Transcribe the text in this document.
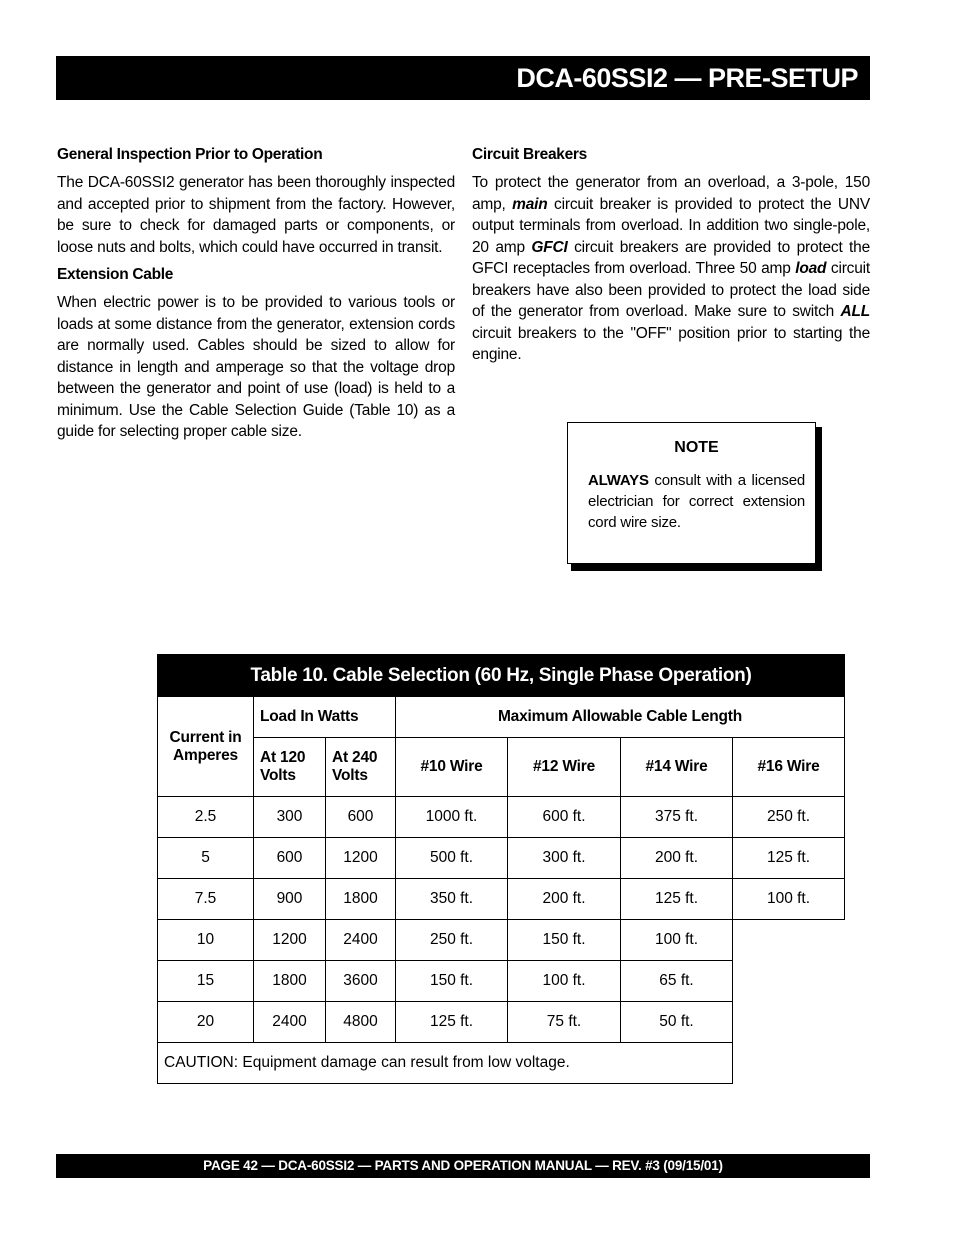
DCA-60SSI2 — PRE-SETUP
General Inspection Prior to Operation

The DCA-60SSI2 generator has been thoroughly inspected and accepted prior to shipment from the factory. However, be sure to check for damaged parts or components, or loose nuts and bolts, which could have occurred in transit.

Extension Cable

When electric power is to be provided to various tools or loads at some distance from the generator, extension cords are normally used. Cables should be sized to allow for distance in length and amperage so that the voltage drop between the generator and point of use (load) is held to a minimum. Use the Cable Selection Guide (Table 10) as a guide for selecting proper cable size.

Circuit Breakers

To protect the generator from an overload, a 3-pole, 150 amp, main circuit breaker is provided to protect the UNV output terminals from overload. In addition two single-pole, 20 amp GFCI circuit breakers are provided to protect the GFCI receptacles from overload. Three 50 amp load circuit breakers have also been provided to protect the load side of the generator from overload. Make sure to switch ALL circuit breakers to the "OFF" position prior to starting the engine.

NOTE

ALWAYS consult with a licensed electrician for correct extension cord wire size.

Table 10. Cable Selection (60 Hz, Single Phase Operation)						
Current in Amperes	Load In Watts		Maximum Allowable Cable Length			
	At 120 Volts	At 240 Volts	#10 Wire	#12 Wire	#14 Wire	#16 Wire
2.5	300	600	1000 ft.	600 ft.	375 ft.	250 ft.
5	600	1200	500 ft.	300 ft.	200 ft.	125 ft.
7.5	900	1800	350 ft.	200 ft.	125 ft.	100 ft.
10	1200	2400	250 ft.	150 ft.	100 ft.	
15	1800	3600	150 ft.	100 ft.	65 ft.	
20	2400	4800	125 ft.	75 ft.	50 ft.	
CAUTION: Equipment damage can result from low voltage.						
PAGE 42 — DCA-60SSI2 — PARTS AND OPERATION MANUAL — REV. #3 (09/15/01)
